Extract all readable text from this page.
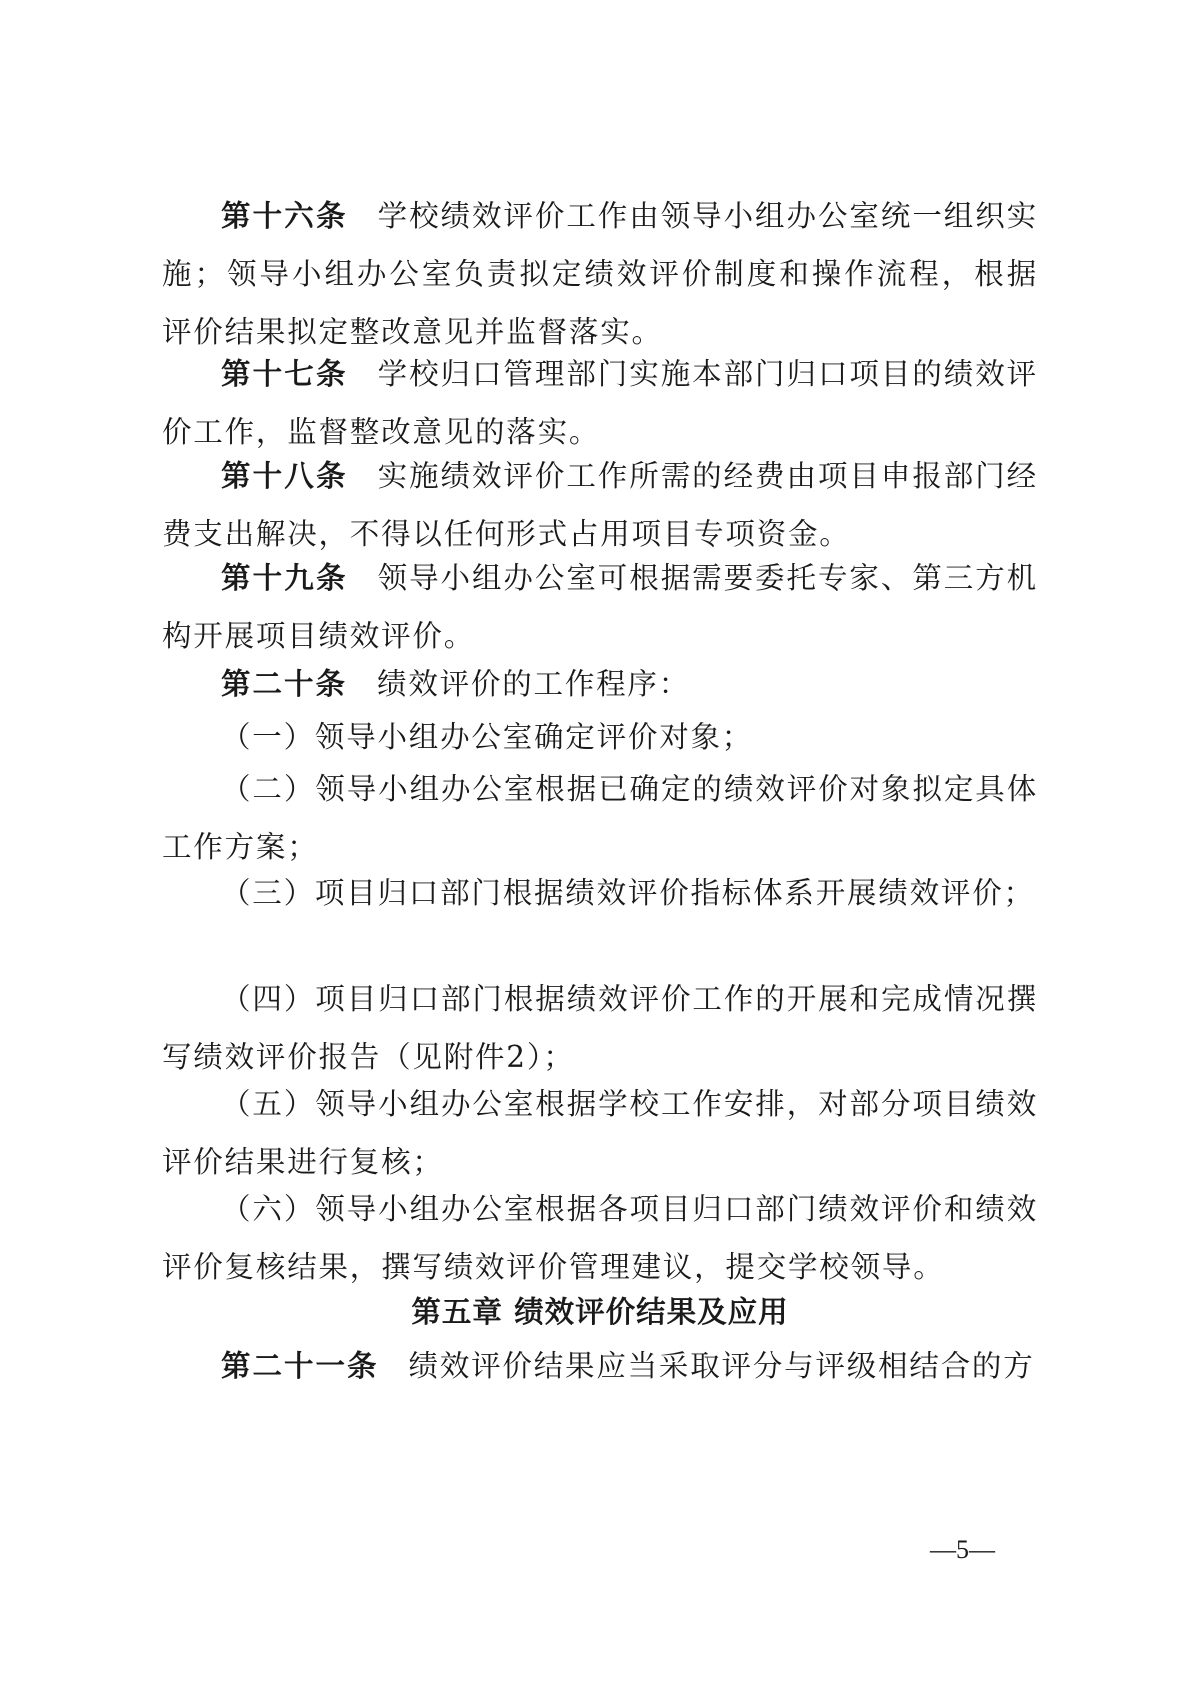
第十六条 学校绩效评价工作由领导小组办公室统一组织实施；领导小组办公室负责拟定绩效评价制度和操作流程，根据评价结果拟定整改意见并监督落实。

第十七条 学校归口管理部门实施本部门归口项目的绩效评价工作，监督整改意见的落实。

第十八条 实施绩效评价工作所需的经费由项目申报部门经费支出解决，不得以任何形式占用项目专项资金。

第十九条 领导小组办公室可根据需要委托专家、第三方机构开展项目绩效评价。

第二十条 绩效评价的工作程序：

（一）领导小组办公室确定评价对象；

（二）领导小组办公室根据已确定的绩效评价对象拟定具体工作方案；

（三）项目归口部门根据绩效评价指标体系开展绩效评价；

（四）项目归口部门根据绩效评价工作的开展和完成情况撰写绩效评价报告（见附件2）；

（五）领导小组办公室根据学校工作安排，对部分项目绩效评价结果进行复核；

（六）领导小组办公室根据各项目归口部门绩效评价和绩效评价复核结果，撰写绩效评价管理建议，提交学校领导。

第五章 绩效评价结果及应用

第二十一条 绩效评价结果应当采取评分与评级相结合的方

—5—
